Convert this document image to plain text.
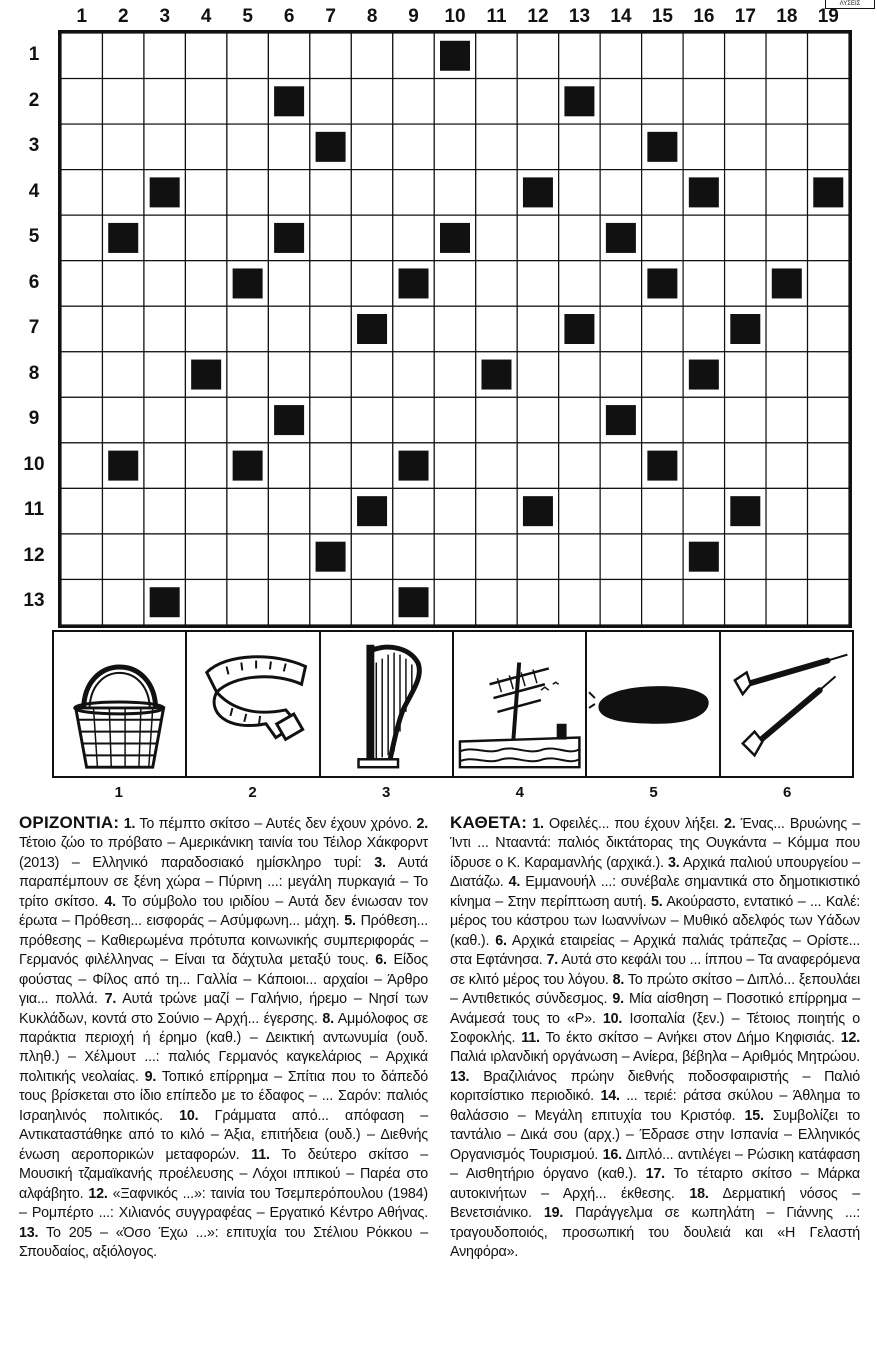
ΛΥΣΕΙΣ
1	2	3	4	5	6	7	8	9	10	11	12	13	14	15	16	17	18	19
1
2
3
4
5
6
7
8
9
10
11
12
13
1	2	3	4	5	6
ΟΡΙΖΟΝΤΙΑ: 1. Το πέμπτο σκίτσο – Αυτές δεν έχουν χρόνο. 2. Τέτοιο ζώο το πρόβατο – Αμερικάνικη ταινία του Τέιλορ Χάκφορντ (2013) – Ελληνικό παραδοσιακό ημίσκληρο τυρί: 3. Αυτά παραπέμπουν σε ξένη χώρα – Πύρινη ...: μεγάλη πυρκαγιά – Το τρίτο σκίτσο. 4. Το σύμβολο του ιριδίου – Αυτά δεν ένιωσαν τον έρωτα – Πρόθεση... εισφοράς – Ασύμφωνη... μάχη. 5. Πρόθεση... πρόθεσης – Καθιερωμένα πρότυπα κοινωνικής συμπεριφοράς – Γερμανός φιλέλληνας – Είναι τα δάχτυλα μεταξύ τους. 6. Είδος φούστας – Φίλος από τη... Γαλλία – Κάποιοι... αρχαίοι – Άρθρο για... πολλά. 7. Αυτά τρώνε μαζί – Γαλήνιο, ήρεμο – Νησί των Κυκλάδων, κοντά στο Σούνιο – Αρχή... έγερσης. 8. Αμμόλοφος σε παράκτια περιοχή ή έρημο (καθ.) – Δεικτική αντωνυμία (ουδ. πληθ.) – Χέλμουτ ...: παλιός Γερμανός καγκελάριος – Αρχικά πολιτικής νεολαίας. 9. Τοπικό επίρρημα – Σπίτια που το δάπεδό τους βρίσκεται στο ίδιο επίπεδο με το έδαφος – ... Σαρόν: παλιός Ισραηλινός πολιτικός. 10. Γράμματα από... απόφαση – Αντικαταστάθηκε από το κιλό – Άξια, επιτήδεια (ουδ.) – Διεθνής ένωση αεροπορικών μεταφορών. 11. Το δεύτερο σκίτσο – Μουσική τζαμαϊκανής προέλευσης – Λόχοι ιππικού – Παρέα στο αλφάβητο. 12. «Ξαφνικός ...»: ταινία του Τσεμπερόπουλου (1984) – Ρομπέρτο ...: Χιλιανός συγγραφέας – Εργατικό Κέντρο Αθήνας. 13. Το 205 – «Όσο Έχω ...»: επιτυχία του Στέλιου Ρόκκου – Σπουδαίος, αξιόλογος.
ΚΑΘΕΤΑ: 1. Οφειλές... που έχουν λήξει. 2. Ένας... Βρυώνης – Ίντι ... Ντααντά: παλιός δικτάτορας της Ουγκάντα – Κόμμα που ίδρυσε ο Κ. Καραμανλής (αρχικά.). 3. Αρχικά παλιού υπουργείου – Διατάζω. 4. Εμμανουήλ ...: συνέβαλε σημαντικά στο δημοτικιστικό κίνημα – Στην περίπτωση αυτή. 5. Ακούραστο, εντατικό – ... Καλέ: μέρος του κάστρου των Ιωαννίνων – Μυθικό αδελφός των Υάδων (καθ.). 6. Αρχικά εταιρείας – Αρχικά παλιάς τράπεζας – Ορίστε... στα Εφτάνησα. 7. Αυτά στο κεφάλι του ... ίππου – Τα αναφερόμενα σε κλιτό μέρος του λόγου. 8. Το πρώτο σκίτσο – Διπλό... ξεπουλάει – Αντιθετικός σύνδεσμος. 9. Μία αίσθηση – Ποσοτικό επίρρημα – Ανάμεσά τους το «Ρ». 10. Ισοπαλία (ξεν.) – Τέτοιος ποιητής ο Σοφοκλής. 11. Το έκτο σκίτσο – Ανήκει στον Δήμο Κηφισιάς. 12. Παλιά ιρλανδική οργάνωση – Ανίερα, βέβηλα – Αριθμός Μητρώου. 13. Βραζιλιάνος πρώην διεθνής ποδοσφαιριστής – Παλιό κοριτσίστικο περιοδικό. 14. ... τεριέ: ράτσα σκύλου – Άθλημα το θαλάσσιο – Μεγάλη επιτυχία του Κριστόφ. 15. Συμβολίζει το ταντάλιο – Δικά σου (αρχ.) – Έδρασε στην Ισπανία – Ελληνικός Οργανισμός Τουρισμού. 16. Διπλό... αντιλέγει – Ρώσικη κατάφαση – Αισθητήριο όργανο (καθ.). 17. Το τέταρτο σκίτσο – Μάρκα αυτοκινήτων – Αρχή... έκθεσης. 18. Δερματική νόσος – Βενετσιάνικο. 19. Παράγγελμα σε κωπηλάτη – Γιάννης ...: τραγουδοποιός, προσωπική του δουλειά και «Η Γελαστή Ανηφόρα».
